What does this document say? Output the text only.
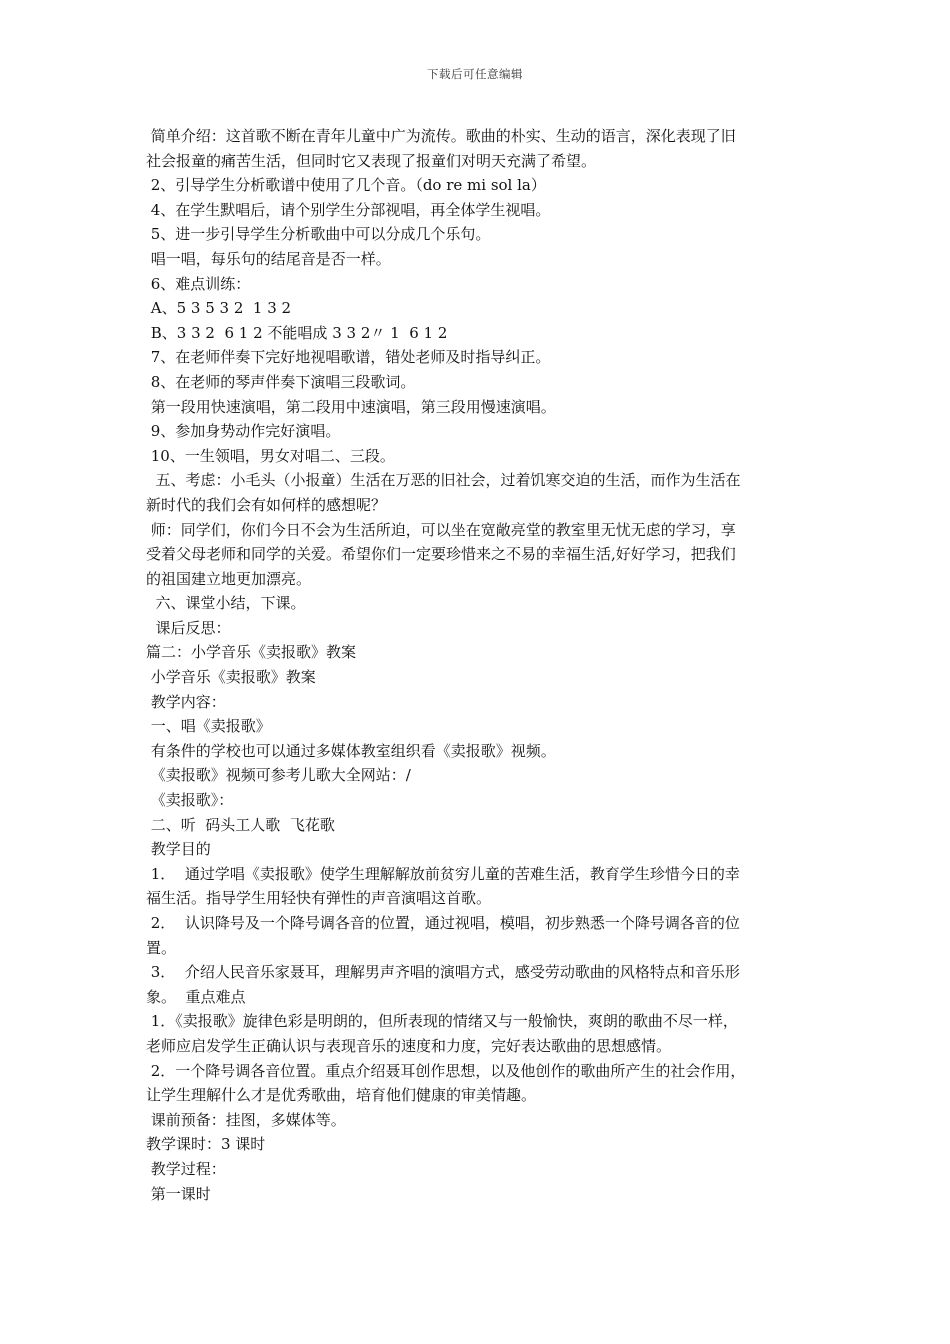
下载后可任意编辑
简单介绍：这首歌不断在青年儿童中广为流传。歌曲的朴实、生动的语言，深化表现了旧
社会报童的痛苦生活，但同时它又表现了报童们对明天充满了希望。
2、引导学生分析歌谱中使用了几个音。（do re mi sol la）
4、在学生默唱后，请个别学生分部视唱，再全体学生视唱。
5、进一步引导学生分析歌曲中可以分成几个乐句。
唱一唱，每乐句的结尾音是否一样。
6、难点训练：
A、5 3 5 3 2  1 3 2
B、3 3 2  6 1 2 不能唱成 3 3 2〃 1  6 1 2
7、在老师伴奏下完好地视唱歌谱，错处老师及时指导纠正。
8、在老师的琴声伴奏下演唱三段歌词。
第一段用快速演唱，第二段用中速演唱，第三段用慢速演唱。
9、参加身势动作完好演唱。
10、一生领唱，男女对唱二、三段。
五、考虑：小毛头（小报童）生活在万恶的旧社会，过着饥寒交迫的生活，而作为生活在
新时代的我们会有如何样的感想呢？
师：同学们，你们今日不会为生活所迫，可以坐在宽敞亮堂的教室里无忧无虑的学习，享
受着父母老师和同学的关爱。希望你们一定要珍惜来之不易的幸福生活,好好学习，把我们
的祖国建立地更加漂亮。
六、课堂小结，下课。
课后反思：
篇二：小学音乐《卖报歌》教案
小学音乐《卖报歌》教案
教学内容：
一、唱《卖报歌》
有条件的学校也可以通过多媒体教室组织看《卖报歌》视频。
《卖报歌》视频可参考儿歌大全网站：/
《卖报歌》：
二、听  码头工人歌  飞花歌
教学目的
1．  通过学唱《卖报歌》使学生理解解放前贫穷儿童的苦难生活，教育学生珍惜今日的幸
福生活。指导学生用轻快有弹性的声音演唱这首歌。
2．  认识降号及一个降号调各音的位置，通过视唱，模唱，初步熟悉一个降号调各音的位
置。
3．  介绍人民音乐家聂耳，理解男声齐唱的演唱方式，感受劳动歌曲的风格特点和音乐形
象。  重点难点
1．《卖报歌》旋律色彩是明朗的，但所表现的情绪又与一般愉快，爽朗的歌曲不尽一样，
老师应启发学生正确认识与表现音乐的速度和力度，完好表达歌曲的思想感情。
2．一个降号调各音位置。重点介绍聂耳创作思想，以及他创作的歌曲所产生的社会作用，
让学生理解什么才是优秀歌曲，培育他们健康的审美情趣。
课前预备：挂图，多媒体等。
教学课时：3 课时
教学过程：
第一课时
